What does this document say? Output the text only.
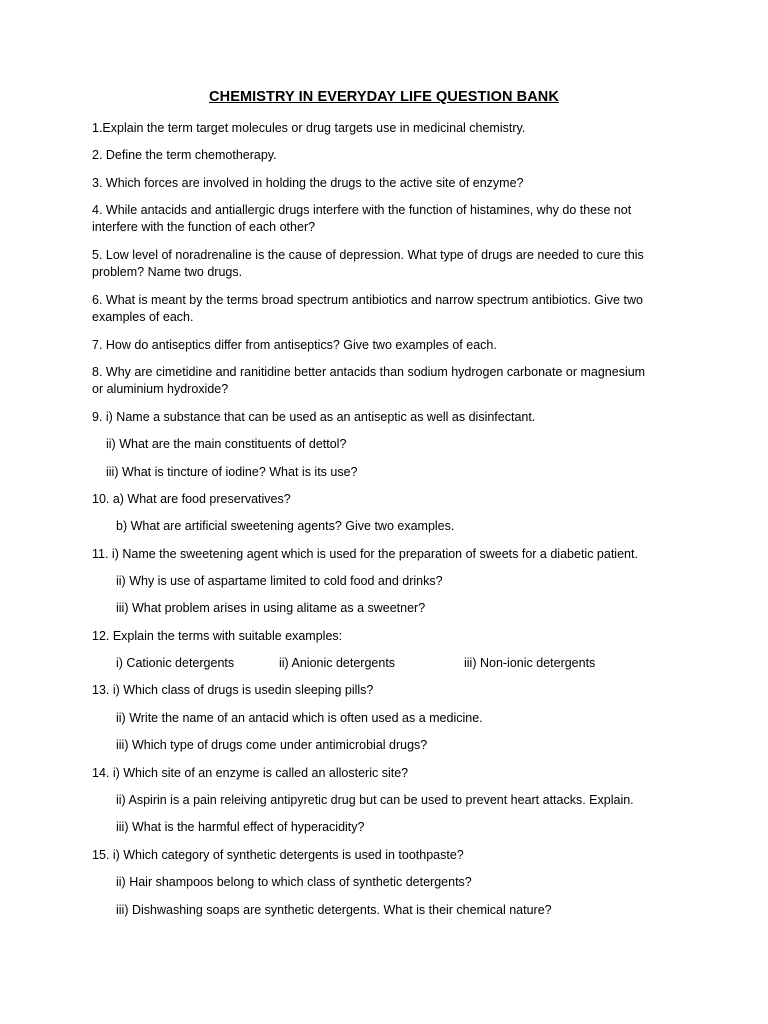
CHEMISTRY IN EVERYDAY LIFE QUESTION BANK
1.Explain the term target molecules or drug targets use in medicinal chemistry.
2. Define the term chemotherapy.
3. Which forces are involved in holding the drugs to the active site of enzyme?
4. While antacids and antiallergic drugs interfere with the function of histamines, why do these not
interfere with the function of each other?
5. Low level of noradrenaline is the cause of depression. What type of drugs are needed to cure this
problem? Name two drugs.
6. What is meant by the terms broad spectrum antibiotics and narrow spectrum antibiotics. Give two
examples of each.
7. How do antiseptics differ from antiseptics? Give two examples of each.
8. Why are cimetidine and ranitidine better antacids than sodium hydrogen carbonate or magnesium
or aluminium hydroxide?
9. i) Name a substance that can be used as an antiseptic as well as disinfectant.
ii) What are the main constituents of dettol?
iii) What is tincture of iodine? What is its use?
10. a) What are food preservatives?
b) What are artificial sweetening agents? Give two examples.
11. i) Name the sweetening agent which is used for the preparation of sweets for a diabetic patient.
ii) Why is use of aspartame limited to cold food and drinks?
iii) What problem arises in using alitame as a sweetner?
12. Explain the terms with suitable examples:
i) Cationic detergents	ii) Anionic detergents	iii) Non-ionic detergents
13. i) Which class of drugs is usedin sleeping pills?
ii) Write the name of an antacid which is often used as a medicine.
iii) Which type of drugs come under antimicrobial drugs?
14. i) Which site of an enzyme is called an allosteric site?
ii) Aspirin is a pain releiving antipyretic drug but can be used to prevent heart attacks. Explain.
iii) What is the harmful effect of hyperacidity?
15. i) Which category of synthetic detergents is used in toothpaste?
ii) Hair shampoos belong to which class of synthetic detergents?
iii) Dishwashing soaps are synthetic detergents. What is their chemical nature?
